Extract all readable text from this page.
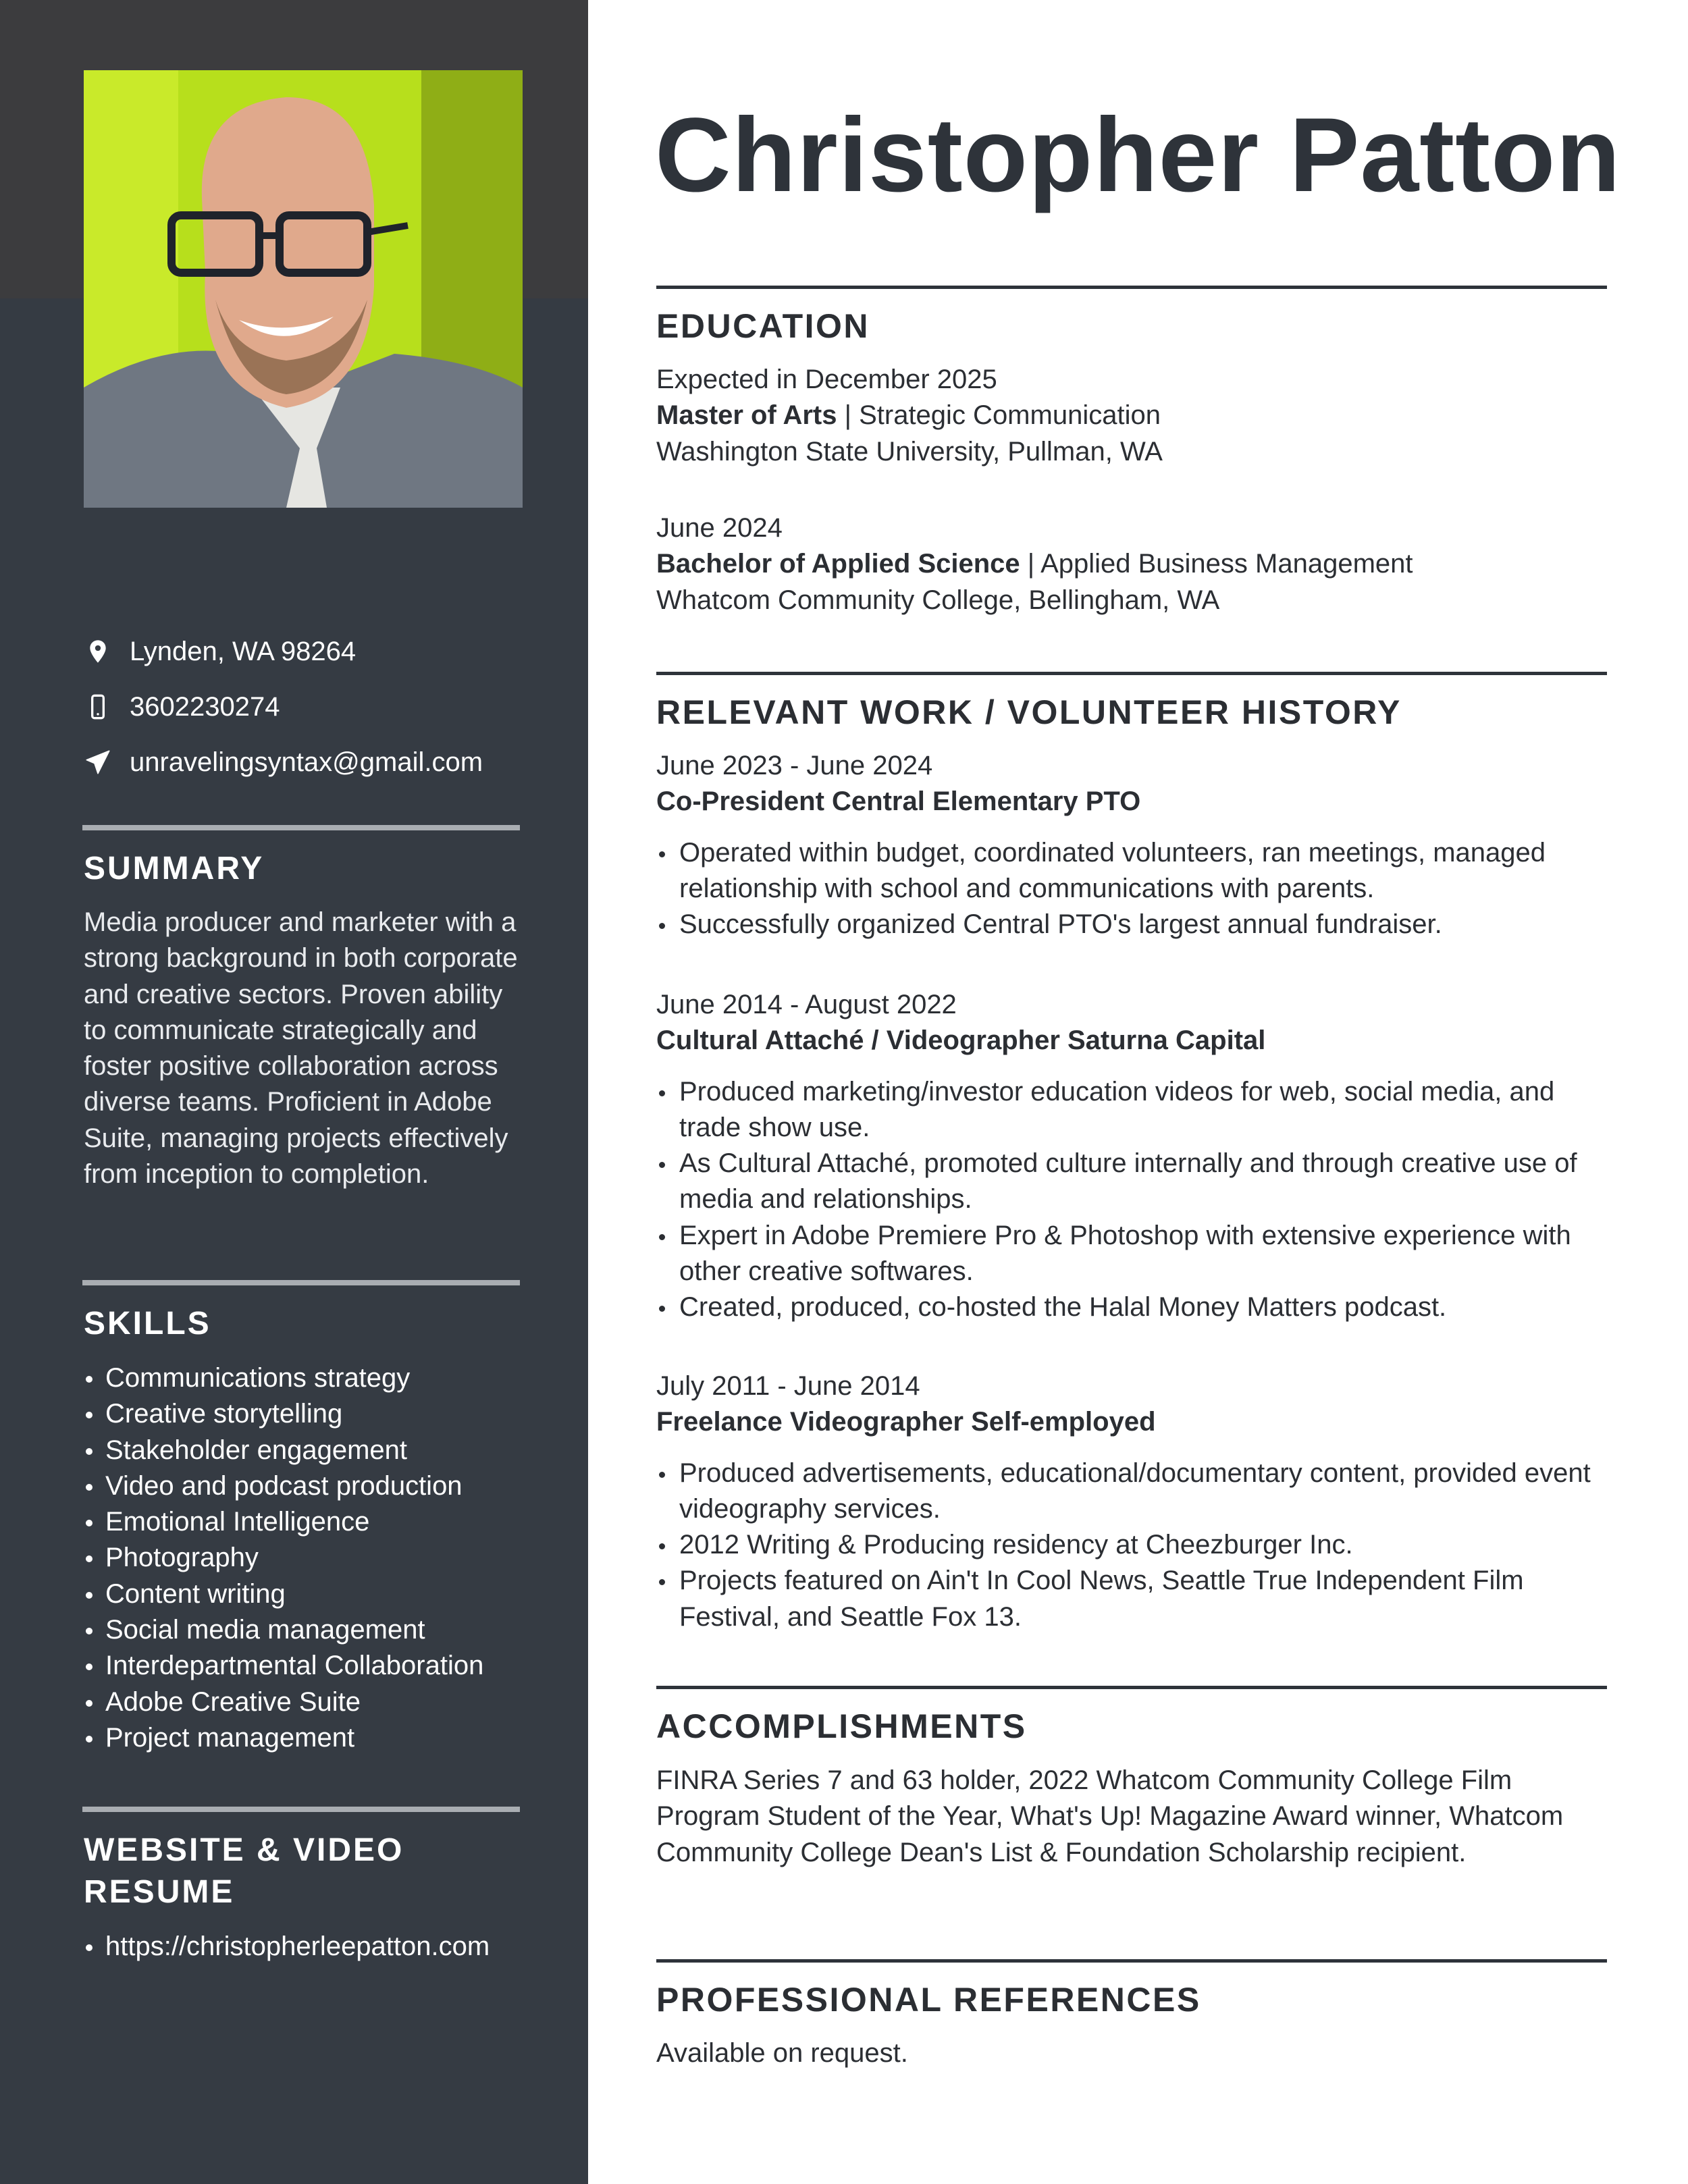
Lynden, WA 98264
3602230274
unravelingsyntax@gmail.com
SUMMARY

Media producer and marketer with a strong background in both corporate and creative sectors. Proven ability to communicate strategically and foster positive collaboration across diverse teams. Proficient in Adobe Suite, managing projects effectively from inception to completion.

SKILLS
Communications strategy
Creative storytelling
Stakeholder engagement
Video and podcast production
Emotional Intelligence
Photography
Content writing
Social media management
Interdepartmental Collaboration
Adobe Creative Suite
Project management
WEBSITE & VIDEO RESUME
https://christopherleepatton.com
Christopher Patton
EDUCATION
Expected in December 2025
Master of Arts | Strategic Communication
Washington State University, Pullman, WA
June 2024
Bachelor of Applied Science | Applied Business Management
Whatcom Community College, Bellingham, WA
RELEVANT WORK / VOLUNTEER HISTORY
June 2023 - June 2024
Co-President Central Elementary PTO
Operated within budget, coordinated volunteers, ran meetings, managed relationship with school and communications with parents.
Successfully organized Central PTO's largest annual fundraiser.
June 2014 - August 2022
Cultural Attaché / Videographer Saturna Capital
Produced marketing/investor education videos for web, social media, and trade show use.
As Cultural Attaché, promoted culture internally and through creative use of media and relationships.
Expert in Adobe Premiere Pro & Photoshop with extensive experience with other creative softwares.
Created, produced, co-hosted the Halal Money Matters podcast.
July 2011 - June 2014
Freelance Videographer Self-employed
Produced advertisements, educational/documentary content, provided event videography services.
2012 Writing & Producing residency at Cheezburger Inc.
Projects featured on Ain't In Cool News, Seattle True Independent Film Festival, and Seattle Fox 13.
ACCOMPLISHMENTS

FINRA Series 7 and 63 holder, 2022 Whatcom Community College Film Program Student of the Year, What's Up! Magazine Award winner, Whatcom Community College Dean's List & Foundation Scholarship recipient.

PROFESSIONAL REFERENCES

Available on request.
